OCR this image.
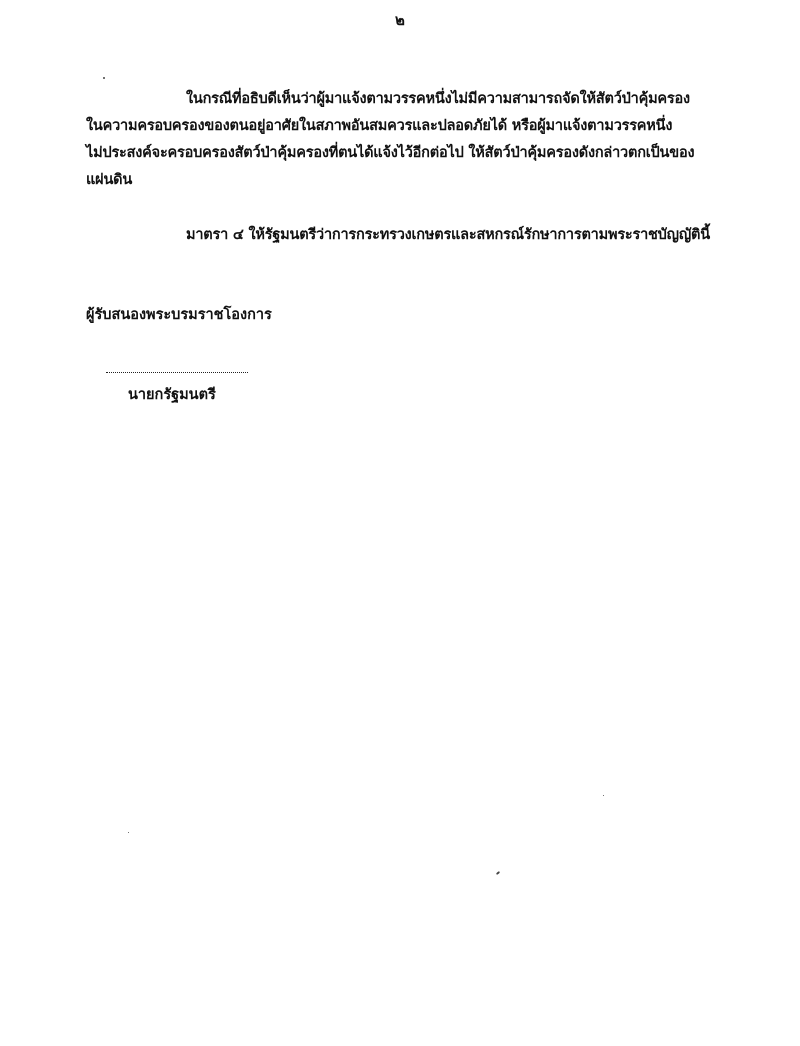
๒
ในกรณีที่อธิบดีเห็นว่าผู้มาแจ้งตามวรรคหนึ่งไม่มีความสามารถจัดให้สัตว์ป่าคุ้มครอง
ในความครอบครองของตนอยู่อาศัยในสภาพอันสมควรและปลอดภัยได้ หรือผู้มาแจ้งตามวรรคหนึ่ง
ไม่ประสงค์จะครอบครองสัตว์ป่าคุ้มครองที่ตนได้แจ้งไว้อีกต่อไป ให้สัตว์ป่าคุ้มครองดังกล่าวตกเป็นของ
แผ่นดิน
มาตรา ๔ ให้รัฐมนตรีว่าการกระทรวงเกษตรและสหกรณ์รักษาการตามพระราชบัญญัตินี้
ผู้รับสนองพระบรมราชโองการ
นายกรัฐมนตรี
